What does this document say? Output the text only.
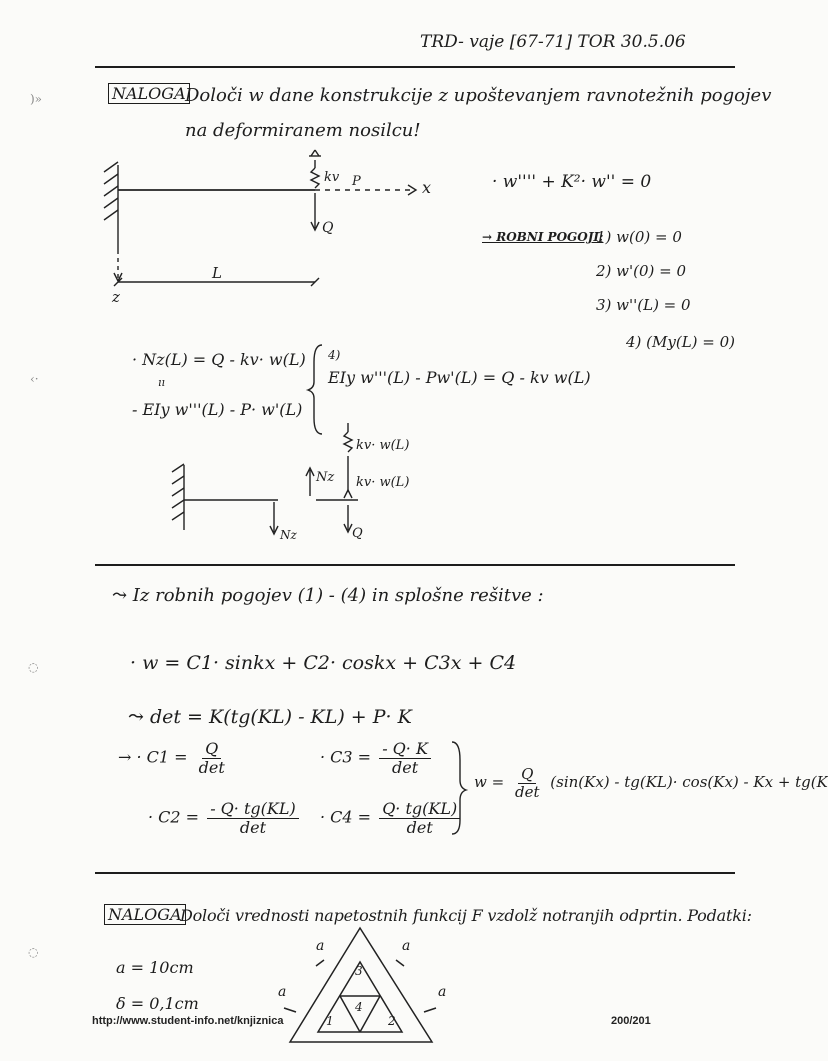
TRD- vaje [67-71] TOR 30.5.06
)»
‹·
◌
◌
NALOGA Določi w dane konstrukcije z upoštevanjem ravnotežnih pogojev
na deformiranem nosilcu!
kv P	x
Q
L
z
· w'''' + K²· w'' = 0
→ ROBNI POGOJI:
1) w(0) = 0
2) w'(0) = 0
3) w''(L) = 0
4) (My(L) = 0)
· Nz(L) = Q - kv· w(L)
ıı
- EIy w'''(L) - P· w'(L)
4)
EIy w'''(L) - Pw'(L) = Q - kv w(L)
kv· w(L)
Nz kv· w(L)
Nz	Q
⤳ Iz robnih pogojev (1) - (4) in splošne rešitve :
· w = C1· sinkx + C2· coskx + C3x + C4
⤳ det = K(tg(KL) - KL) + P· K
→ · $C1 = \frac{Q}{\det}$	· $C3 = \frac{- Q\cdot K}{\det}$
· $C2 = \frac{- Q\cdot tg(KL)}{\det} \cdot C4 = \frac{Q\cdot tg(KL)}{\det}$
$w = \frac{Q}{\det} (\sin(Kx) - tg(KL)\cdot \cos(Kx) - Kx + tg(K$
NALOGA
Določi vrednosti napetostnih funkcij F vzdolž notranjih odprtin. Podatki:
a = 10cm
δ = 0,1cm
a	a
a	a
3
4
1	2
http://www.student-info.net/knjiznica	200/201
